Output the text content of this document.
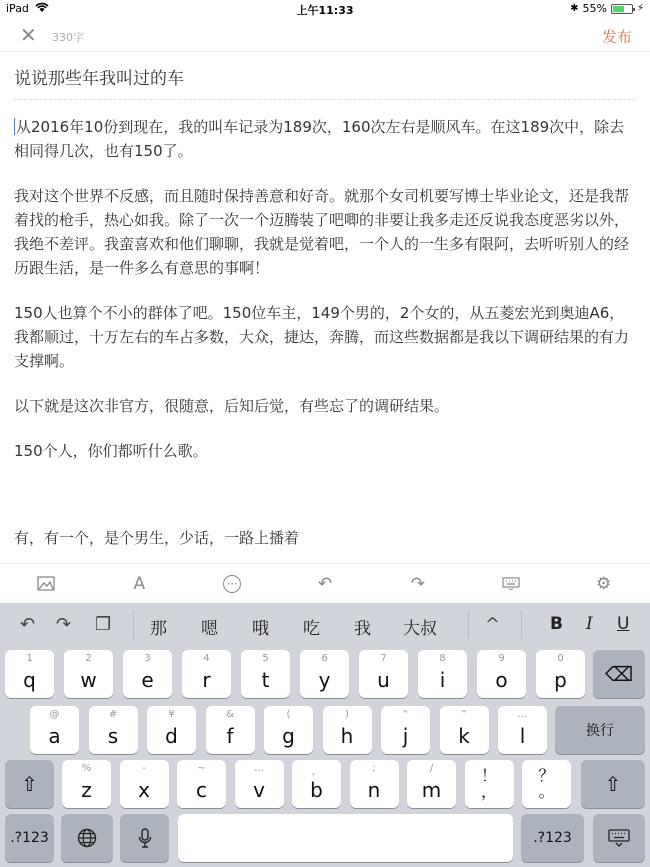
iPad	上午11:33	✱ 55%	⚡
✕ 330字	发布
说说那些年我叫过的车

从2016年10份到现在，我的叫车记录为189次，160次左右是顺风车。在这189次中，除去相同得几次，也有150了。

我对这个世界不反感，而且随时保持善意和好奇。就那个女司机要写博士毕业论文，还是我帮着找的枪手，热心如我。除了一次一个迈腾装了吧唧的非要让我多走还反说我态度恶劣以外，我绝不差评。我蛮喜欢和他们聊聊，我就是觉着吧，一个人的一生多有限阿，去听听别人的经历跟生活，是一件多么有意思的事啊！

150人也算个不小的群体了吧。150位车主，149个男的，2个女的，从五菱宏光到奥迪A6，我都顺过，十万左右的车占多数，大众，捷达，奔腾，而这些数据都是我以下调研结果的有力支撑啊。

以下就是这次非官方，很随意，后知后觉，有些忘了的调研结果。

150个人，你们都听什么歌。

有，有一个，是个男生，少话，一路上播着

A	⋯	↶	↷	⚙
↶ ↷ ❐ 那 嗯 哦 吃 我 大叔	^	B I U
⌫
换行
⇧	⇧
.?123	.?123
1
q
2
w
3
e
4
r
5
t
6
y
7
u
8
i
9
o
0
p
@
a
#
s
¥
d
&
f
(
g
)
h
“
j
”
k
…
l
%
z
-
x
~
c
…
v
、
b
;
n
/
m
！
，
？
。
